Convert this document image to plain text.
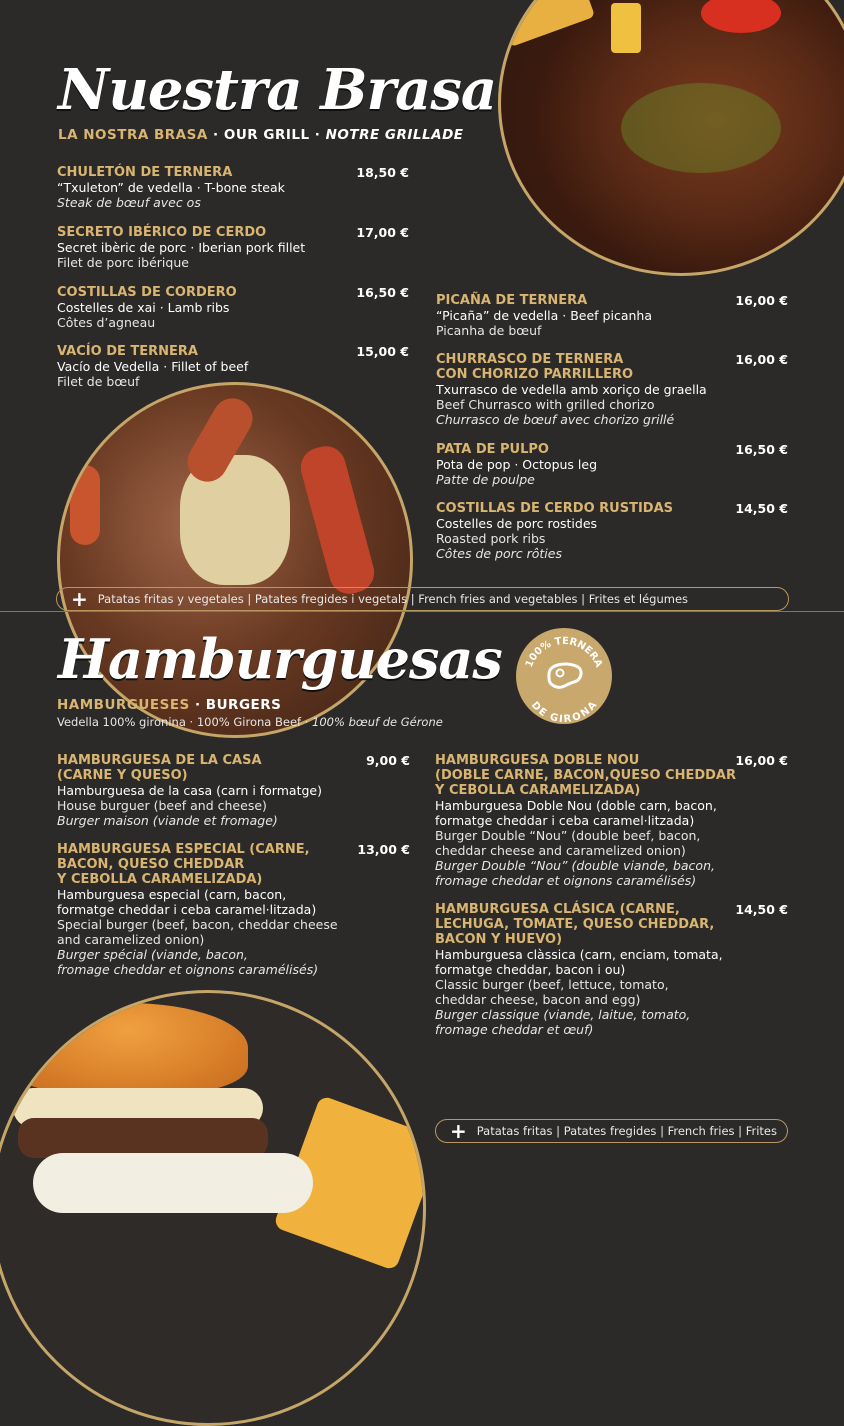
Nuestra Brasa
LA NOSTRA BRASA · OUR GRILL · NOTRE GRILLADE
CHULETÓN DE TERNERA	18,50 €
“Txuleton” de vedella · T-bone steak
Steak de bœuf avec os
SECRETO IBÉRICO DE CERDO	17,00 €
Secret ibèric de porc · Iberian pork fillet
Filet de porc ibérique
COSTILLAS DE CORDERO	16,50 €
Costelles de xai · Lamb ribs
Côtes d’agneau
VACÍO DE TERNERA	15,00 €
Vacío de Vedella · Fillet of beef
Filet de bœuf
PICAÑA DE TERNERA	16,00 €
“Picaña” de vedella · Beef picanha
Picanha de bœuf
CHURRASCO DE TERNERA
CON CHORIZO PARRILLERO
16,00 €
Txurrasco de vedella amb xoriço de graella
Beef Churrasco with grilled chorizo
Churrasco de bœuf avec chorizo grillé
PATA DE PULPO	16,50 €
Pota de pop · Octopus leg
Patte de poulpe
COSTILLAS DE CERDO RUSTIDAS	14,50 €
Costelles de porc rostides
Roasted pork ribs
Côtes de porc rôties
+ Patatas fritas y vegetales | Patates fregides i vegetals | French fries and vegetables | Frites et légumes
Hamburguesas
HAMBURGUESES · BURGERS
Vedella 100% gironina · 100% Girona Beef · 100% bœuf de Gérone
100% TERNERA
DE GIRONA
HAMBURGUESA DE LA CASA
(CARNE Y QUESO)
9,00 €
Hamburguesa de la casa (carn i formatge)
House burguer (beef and cheese)
Burger maison (viande et fromage)
HAMBURGUESA ESPECIAL (CARNE,
BACON, QUESO CHEDDAR
Y CEBOLLA CARAMELIZADA)
13,00 €
Hamburguesa especial (carn, bacon,
formatge cheddar i ceba caramel·litzada)
Special burger (beef, bacon, cheddar cheese
and caramelized onion)
Burger spécial (viande, bacon,
fromage cheddar et oignons caramélisés)
HAMBURGUESA DOBLE NOU
(DOBLE CARNE, BACON,QUESO CHEDDAR
Y CEBOLLA CARAMELIZADA)
16,00 €
Hamburguesa Doble Nou (doble carn, bacon,
formatge cheddar i ceba caramel·litzada)
Burger Double “Nou” (double beef, bacon,
cheddar cheese and caramelized onion)
Burger Double “Nou” (double viande, bacon,
fromage cheddar et oignons caramélisés)
HAMBURGUESA CLÁSICA (CARNE,
LECHUGA, TOMATE, QUESO CHEDDAR,
BACON Y HUEVO)
14,50 €
Hamburguesa clàssica (carn, enciam, tomata,
formatge cheddar, bacon i ou)
Classic burger (beef, lettuce, tomato,
cheddar cheese, bacon and egg)
Burger classique (viande, laitue, tomato,
fromage cheddar et œuf)
+ Patatas fritas | Patates fregides | French fries | Frites
